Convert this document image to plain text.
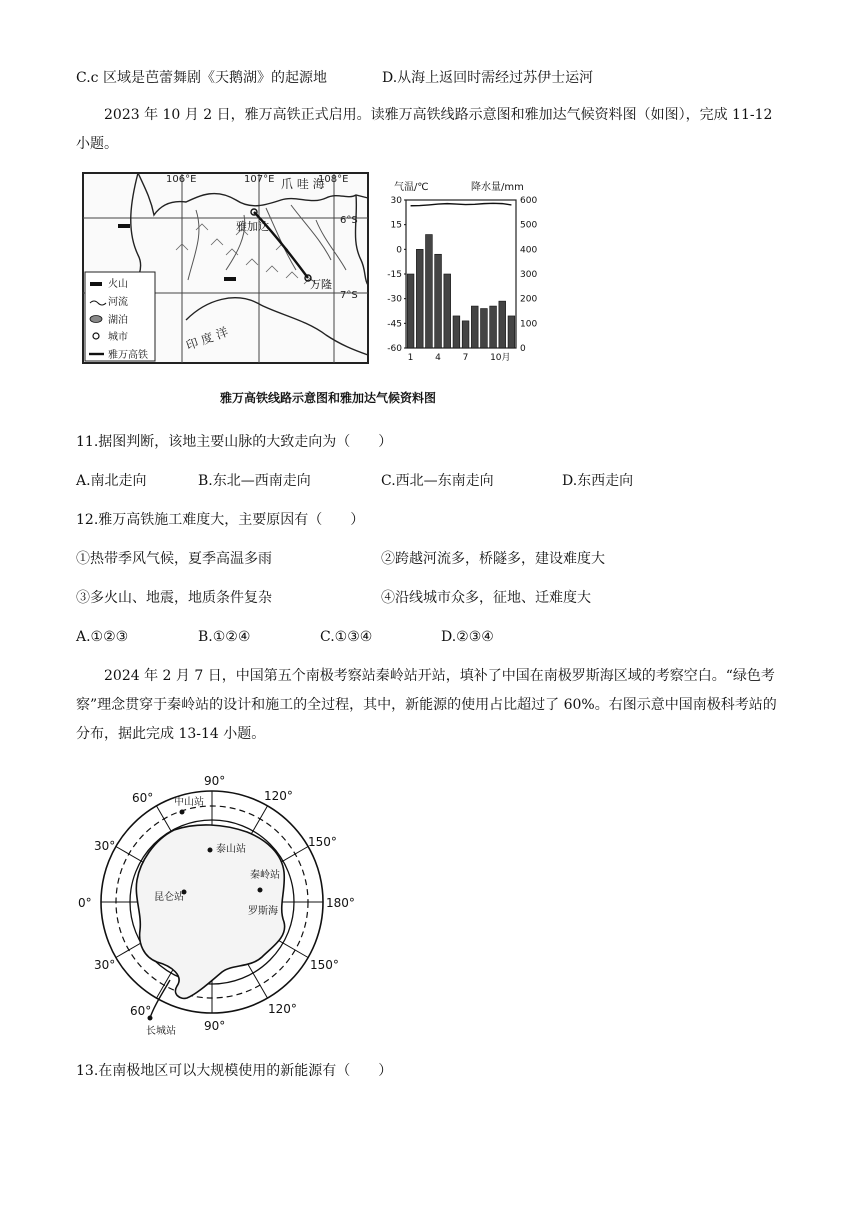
C.c 区域是芭蕾舞剧《天鹅湖》的起源地	D.从海上返回时需经过苏伊士运河
2023 年 10 月 2 日，雅万高铁正式启用。读雅万高铁线路示意图和雅加达气候资料图（如图），完成 11-12 小题。
106°E	107°E	108°E
6°S
7°S
爪 哇 海
雅加达
万隆
印 度 洋
火山
河流
湖泊
城市
雅万高铁
气温/℃	降水量/mm
30
15
0
-15
-30
-45
-60
600
500
400
300
200
100
0
1 4 7 10月
雅万高铁线路示意图和雅加达气候资料图
11.据图判断，该地主要山脉的大致走向为（　　）
A.南北走向	B.东北—西南走向	C.西北—东南走向	D.东西走向
12.雅万高铁施工难度大，主要原因有（　　）
①热带季风气候，夏季高温多雨	②跨越河流多，桥隧多，建设难度大
③多火山、地震，地质条件复杂	④沿线城市众多，征地、迁难度大
A.①②③	B.①②④	C.①③④	D.②③④
2024 年 2 月 7 日，中国第五个南极考察站秦岭站开站，填补了中国在南极罗斯海区域的考察空白。“绿色考察”理念贯穿于秦岭站的设计和施工的全过程，其中，新能源的使用占比超过了 60%。右图示意中国南极科考站的分布，据此完成 13-14 小题。
中山站
泰山站
昆仑站
秦岭站
长城站
罗斯海
90°
120°
150°
180°
150°
120°
90°
60°
30°
0°
30°
60°
13.在南极地区可以大规模使用的新能源有（　　）
